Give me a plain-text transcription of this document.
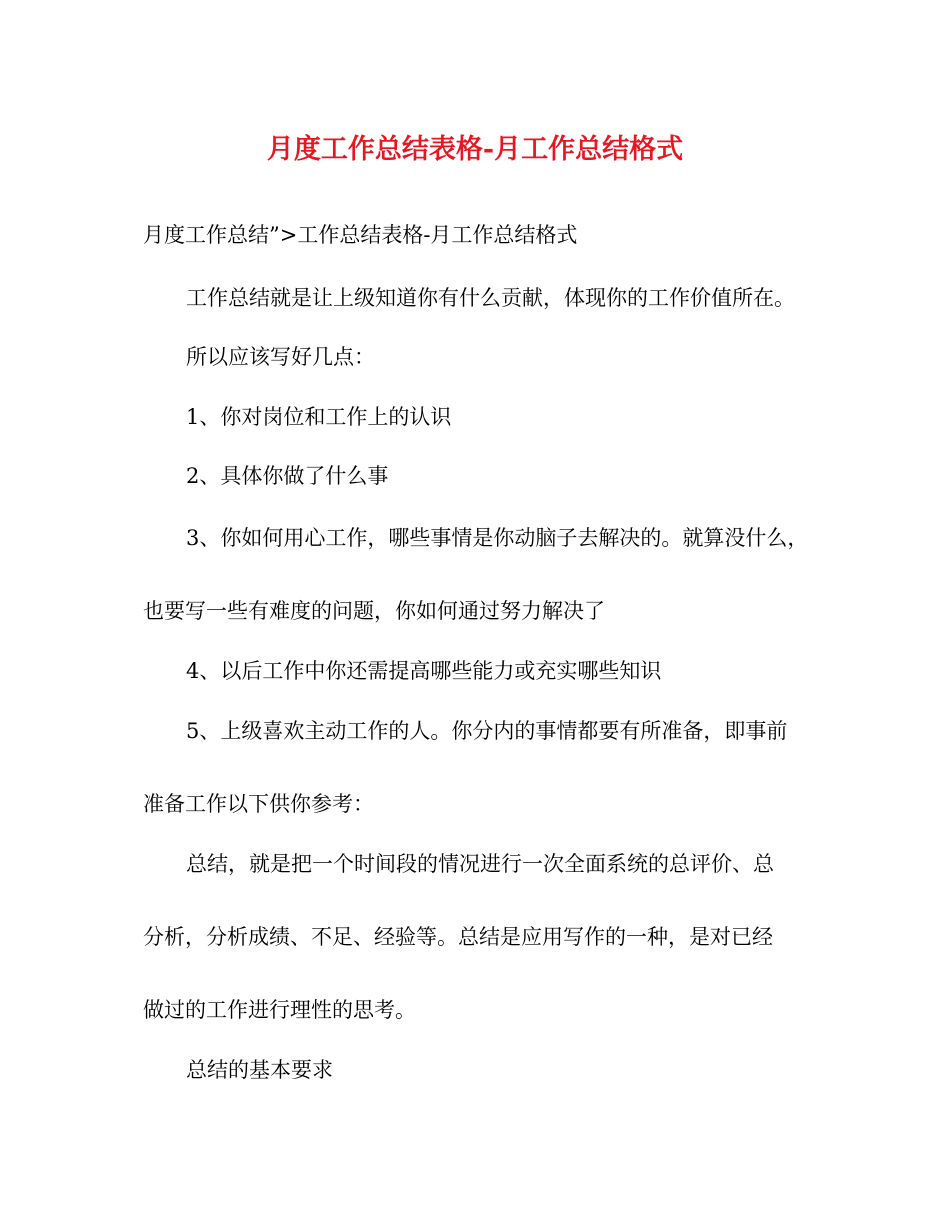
月度工作总结表格-月工作总结格式
月度工作总结”>工作总结表格-月工作总结格式
工作总结就是让上级知道你有什么贡献，体现你的工作价值所在。
所以应该写好几点：
1、你对岗位和工作上的认识
2、具体你做了什么事
3、你如何用心工作，哪些事情是你动脑子去解决的。就算没什么，
也要写一些有难度的问题，你如何通过努力解决了
4、以后工作中你还需提高哪些能力或充实哪些知识
5、上级喜欢主动工作的人。你分内的事情都要有所准备，即事前
准备工作以下供你参考：
总结，就是把一个时间段的情况进行一次全面系统的总评价、总
分析，分析成绩、不足、经验等。总结是应用写作的一种，是对已经
做过的工作进行理性的思考。
总结的基本要求
